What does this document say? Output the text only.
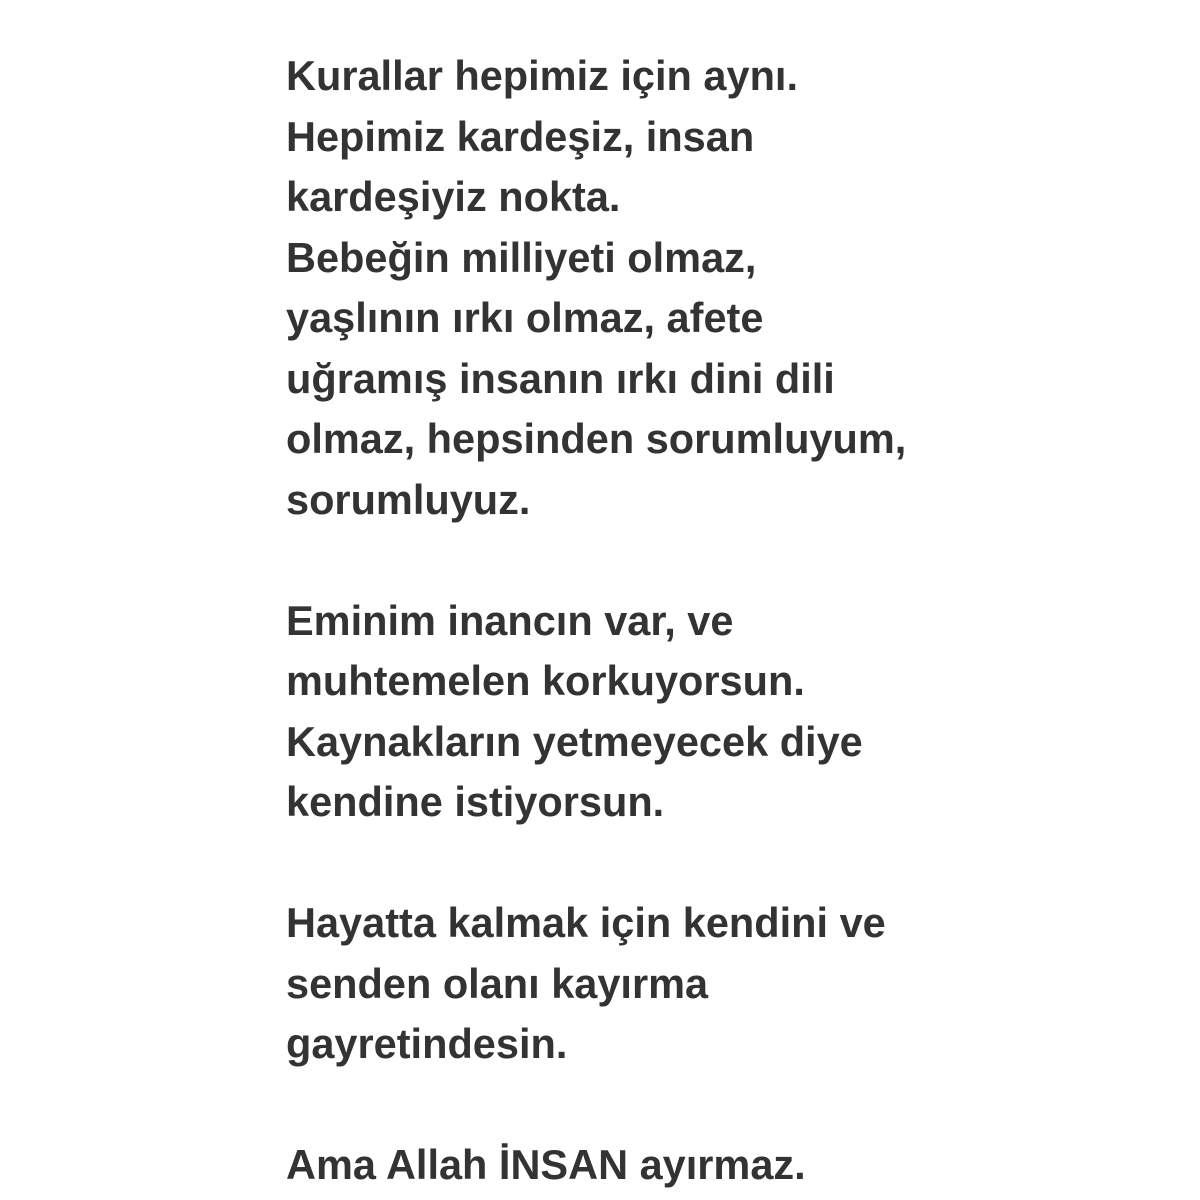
Kurallar hepimiz için aynı.
Hepimiz kardeşiz, insan
kardeşiyiz nokta.
Bebeğin milliyeti olmaz,
yaşlının ırkı olmaz, afete
uğramış insanın ırkı dini dili
olmaz, hepsinden sorumluyum,
sorumluyuz.
Eminim inancın var, ve
muhtemelen korkuyorsun.
Kaynakların yetmeyecek diye
kendine istiyorsun.
Hayatta kalmak için kendini ve
senden olanı kayırma
gayretindesin.
Ama Allah İNSAN ayırmaz.
